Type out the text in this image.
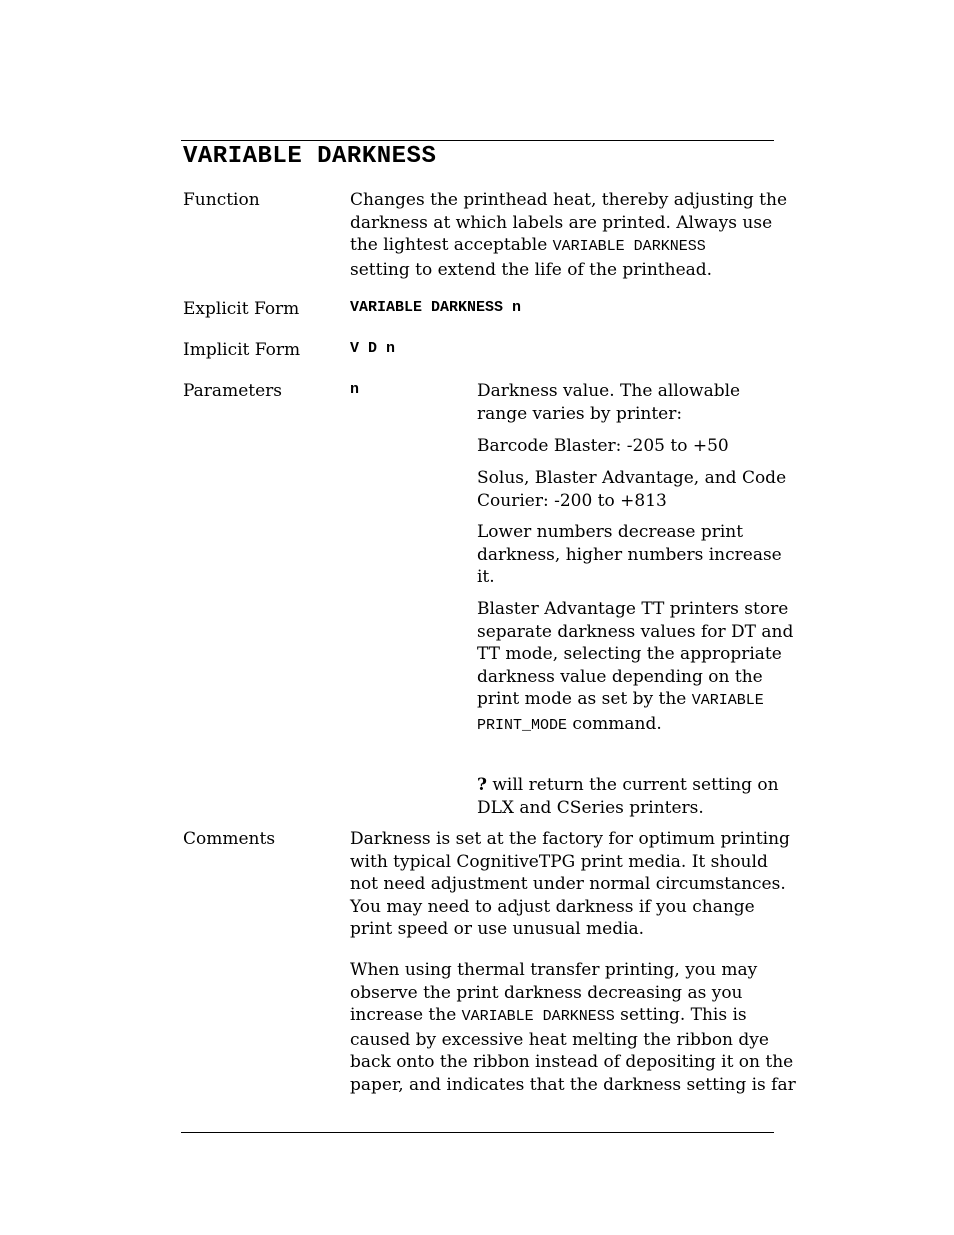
VARIABLE DARKNESS
Function	Changes the printhead heat, thereby adjusting the
darkness at which labels are printed. Always use
the lightest acceptable VARIABLE DARKNESS
setting to extend the life of the printhead.
Explicit Form	VARIABLE DARKNESS n
Implicit Form	V D n
Parameters	n	Darkness value. The allowable
range varies by printer:
Barcode Blaster: -205 to +50
Solus, Blaster Advantage, and Code
Courier: -200 to +813
Lower numbers decrease print
darkness, higher numbers increase
it.
Blaster Advantage TT printers store
separate darkness values for DT and
TT mode, selecting the appropriate
darkness value depending on the
print mode as set by the VARIABLE
PRINT_MODE command.
? will return the current setting on
DLX and CSeries printers.
Comments	Darkness is set at the factory for optimum printing
with typical CognitiveTPG print media. It should
not need adjustment under normal circumstances.
You may need to adjust darkness if you change
print speed or use unusual media.
When using thermal transfer printing, you may
observe the print darkness decreasing as you
increase the VARIABLE DARKNESS setting. This is
caused by excessive heat melting the ribbon dye
back onto the ribbon instead of depositing it on the
paper, and indicates that the darkness setting is far
